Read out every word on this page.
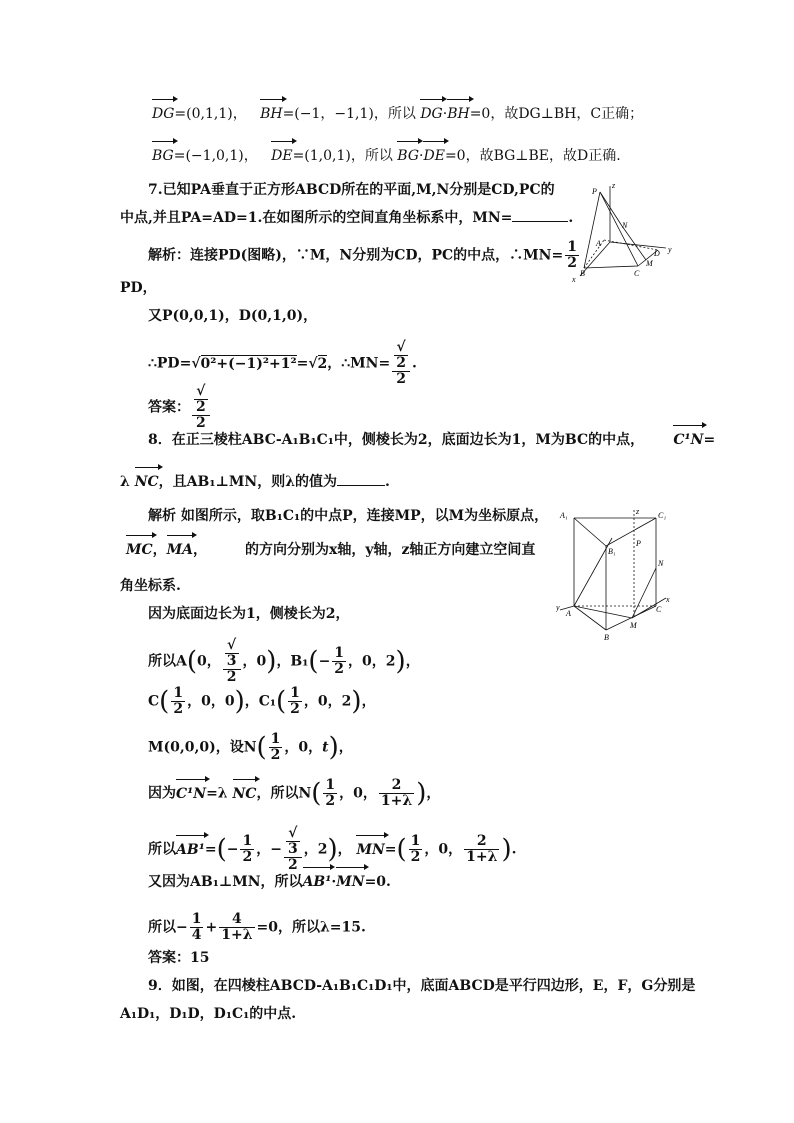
DG=(0,1,1)， BH=(−1，−1,1)，所以 DG·BH=0，故DG⊥BH，C正确；
BG=(−1,0,1)， DE=(1,0,1)，所以 BG·DE=0，故BG⊥BE，故D正确.
7.已知PA垂直于正方形ABCD所在的平面,M,N分别是CD,PC的
中点,并且PA=AD=1.在如图所示的空间直角坐标系中，MN=	.
解析：连接PD(图略)，∵M，N分别为CD，PC的中点，∴MN= $\frac{1}{2}$
PD，
又P(0,0,1)，D(0,1,0)，
∴PD=√0²+(−1)²+1²=√2，∴MN= √
2
2 .
答案： √
2
2
P
z
N
A
D y
B	C
M
x
8．在正三棱柱ABC-A₁B₁C₁中，侧棱长为2，底面边长为1，M为BC的中点， C¹N=
λ NC，且AB₁⊥MN，则λ的值为	.
解析 如图所示，取B₁C₁的中点P，连接MP，以M为坐标原点，
MC，MA，	的方向分别为x轴，y轴，z轴正方向建立空间直
角坐标系.
因为底面边长为1，侧棱长为2，
所以A(0， √
3
2 ，0)，$B_1(- \frac{1}{2}$ ，0，2)，
$C( \frac{1}{2}$ ，0，0)，$C_1( \frac{1}{2}$ ，0，2)，
M(0,0,0)，设$N( \frac{1}{2}$ ，0，t)，
因为C¹N=λ NC，所以$N( \frac{1}{2}$ ，0， $\frac{2}{1+\lambda}$ )，
所以$AB^1=(- \frac{1}{2}$ ，− √
3
2 ，2)， $MN=( \frac{1}{2}$ ，0， $\frac{2}{1+\lambda}$ ).
又因为AB₁⊥MN，所以AB¹·MN=0.
所以− $\frac{1}{4} + \frac{4}{1+\lambda} =0$，所以λ=15.
答案：15
A₁	z C₁
B₁
P
N
y
A
x
C
M
B
9．如图，在四棱柱ABCD-A₁B₁C₁D₁中，底面ABCD是平行四边形，E，F，G分别是
A₁D₁，D₁D，D₁C₁的中点.
